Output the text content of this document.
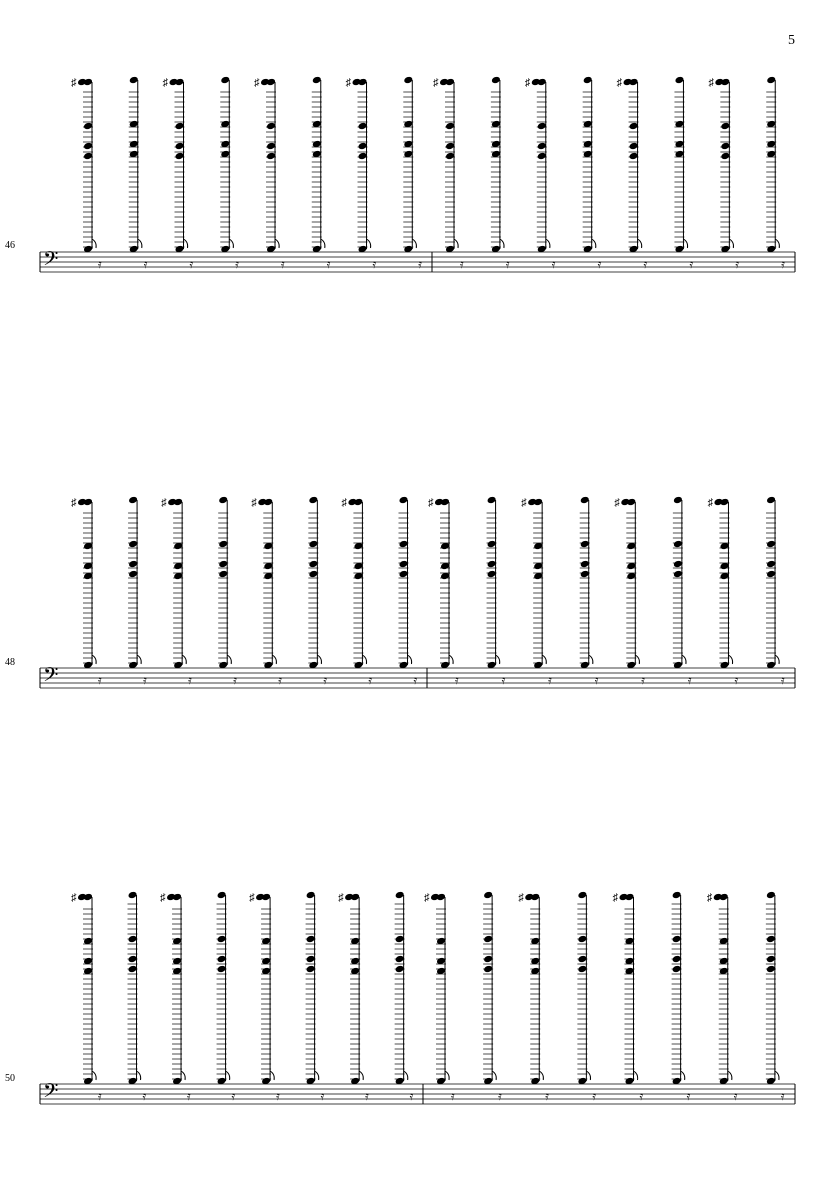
5
46
48
50
𝄢
♯
𝄿	𝄿
♯
𝄿	𝄿
♯
𝄿	𝄿
♯
𝄿	𝄿
♯
𝄿	𝄿
♯
𝄿	𝄿
♯
𝄿	𝄿
♯
𝄿	𝄿
𝄢
♯
𝄿	𝄿
♯
𝄿	𝄿
♯
𝄿	𝄿
♯
𝄿	𝄿
♯
𝄿	𝄿
♯
𝄿	𝄿
♯
𝄿	𝄿
♯
𝄿	𝄿
𝄢
♯
𝄿	𝄿
♯
𝄿	𝄿
♯
𝄿	𝄿
♯
𝄿	𝄿
♯
𝄿	𝄿
♯
𝄿	𝄿
♯
𝄿	𝄿
♯
𝄿	𝄿
